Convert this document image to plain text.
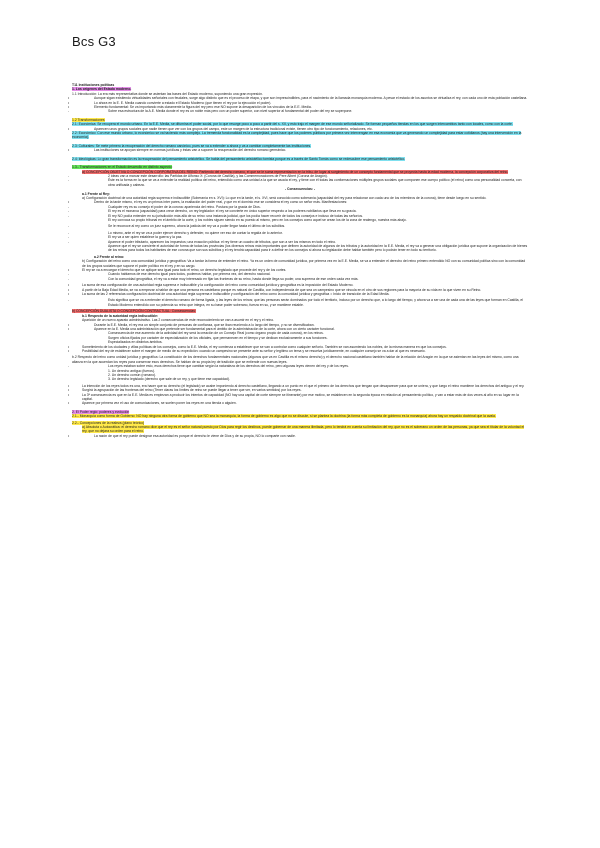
Bcs G3

T11 Instituciones políticas

1. Los orígenes del Estado moderno.

1.1 Introducción: La era más representativa donde se asientan las bases del Estado moderno, suponiendo una gran expresión.

• Aunque sigan existiendo virtualidades señoriales con feudales, surge algo distinto que es el proceso de etapa, y que son imprescindibles, para el nacimiento de la llamada monarquía moderna. A pesar el estado de los asuntos se virtualiza el rey, con cada uno de esta población castellana.

• Lo ahora en la E. E. Media cuando convierte a estado el Estado Moderno (que tienen el rey por la ejecución el poder).

• Elemento fundamental: Se va importando más claramente la figura del rey pero ese NO supone la desaparición de los vínculos de la E.E. Media.

- Sobre esa estructura de la A.E. Media donde el rey es un noble más pero con un poder superior, con nivel superior al fundamental del poder del rey se superpone.

1.2 Transformaciones

2.1: Económica: Se recupera el mundo urbano. En la E.E. Media, se difumina el poder social, por lo que resurge poco a poco a partir del s. XII, y esto trajo el margen de ese mundo señorializado. Se forman pequeños tiendas en los que surgen intercambios tanto con locales, como con la corte.

• Aparecen unos grupos sociales que nadie tienen que ver con los grupos del campo, este un margen de la estructura tradicional existe, tienen otro tipo de funcionamiento, relaciones, etc.

2.2: Económico: Con ese mundo urbano, lo económico se va haciendo más complejo. La tremenda funcionalidad es la complejidad, pues hace que los poderes públicos por primera vez intervengan en esa economía que va generando un complejidad para estar cotidianos (hay una intervención en la economía).

2.3: Culturales: Se mete primero la recuperación del derecho romano canónico, pues se va a extender a ahora y va a cambiar completamente las instituciones.

• Las instituciones se apoyan siempre en normas jurídicas y éstas van a suponer la recuperación del derecho romano germánico.

2.4: Ideológicas: Lo gran transformación es la recuperación del pensamiento aristotélico. Se habla del pensamiento aristotélico tomista porque es a través de Santo Tomás como se redescubre ese pensamiento aristotélico.

1.3.- Transformaciones en el Estado desarrollo en distinto aspecto:

a) CONCEPCIÓN OBJETIVA O CONCEPCIÓN CORPORATIVA DEL REINO: Partiendo del derecho romano, el que se le suma representación en la tribu, de lugar al surgimiento de un concepto fundamental que se proyecta hasta la edad moderna, la concepción corporativa del reino.

- 2 ideas van a marcar este desarrollo: las Partidas de Alfonso X: (Corona de Castilla), y las Commemoraciones de Pere Albert (Corona de Aragón).

- Éste es la forma en la que se va a entender la realidad política del reino, entendido como una unidad a la que se asocia el rey, y tiene con él todas las conformaciones múltiples grupos sociales que componen ese cuerpo político (el reino) como una personalidad concreta, con obra unificada y cabeza.

- Consecuencias: -

a.1 Frente al Rey:

a) Configuración doctrinal de una autoridad regia suprema e indiscutible (Soberanía en s. XVI): Lo que en la tarde, el s. XVI, será conocido como soberanía (capacidad del rey para relacionar con cada uno de los miembros de la corona), tiene desde luego en su sentido.

• Dentro de la tarde mismo, el rey es un primus inter pares, la exaltación del poder real, y que en el dominio ese se considera el rey como un señor más. Manifestaciones:

- Cualquier rey es su consejo el poder de la corona: apariencia del reino. Postura por la gracia de Dios.

- El rey es el monarca (capacidad) para crear derecho, un rey legislador: el rey se convierte en único superior respecto a los poderes nobiliarios que lleva en su gracia.

- El rey NO podía extender en su jurisdicción más allá de su reino: una instancia judicial, que los podía hacer recurrir de todos los consejos e incluso de todas las señoríos.

El rey convoca su propio tribunal en el ámbito de la corte, y los nobles siguen siendo en su puesto al mismo, pero en los consejos como aquel se crean los de la zona de realengo, nuestra más abajo.

- Se le reconoce al rey como un juez supremo, ahora la justicia del rey va a poder llegar hasta el último de los súbditos.

- Lo mismo, ante el rey se va a poder ejercer derecho y defender, no quiere ver eso de contar la regalía de lo anterior.

- El rey va a ser quien establece la guerra y la paz.

- Aparece el poder tributario, aparecen los impuestos; una exacción pública: el rey tiene un cuadro de tributos, que son a ser los mismos en todo el reino.

Aparece que el rey se convierte el autoridad de forma de todas las provincias (los diversos reinos más importantes que definen la autoridad de algunos de los tributos y la autoridad en la E.E. Media, el rey va a generar una obligación jurídica que supone la organización de bienes de los reinos para todos los habitantes de ese corona que son sus súbditos y el rey tendrá capacidad para ir a definir en los consejos si ahora su legislación debe hablar también pero lo podrán tener en todo su territorio.

a.2 Frente al reino:

b) Configuración del reino como una comunidad jurídica y geográfica: Va a tardar la forma de entender el reino. Ya es un orden de comunidad jurídica, por primera vez en la E.E. Media, se va a entender el derecho del reino primero entendido NO con su comunidad política sino con la comunidad de los grupos sociales que supone el poder político en el rey y en su cargo.

• El rey se va a encargar el derecho que se aplique sea igual para todo el reino, un derecho legislado que procede del rey y de los cortes.

- Cuando hablamos de ese derecho igual para todos, podemos hablar, por primera vez, del derecho nacional.

- Con la comunidad geográfica, el rey va a estar muy interesado en fijar las fronteras de su reino, hasta donde llega su poder, una suprema de ese orden cada vez más.

• La suma de esa configuración de una autoridad regia suprema e indiscutible y la configuración del reino como comunidad jurídica y geográfica es la imposición del Estado Moderno.

• A partir de la Baja Edad Media, se va a empezar a hablar de que una persona es castellana porque es natural de Castilla, con independencia de que sea un campesino que se vincula en el otro de sus regiones para la mayoría de su vida en la que viven en su Reino.

• La suma de las 2 referencias configuración doctrinal de una autoridad regia suprema e indiscutible y configuración del reino como la comunidad jurídica y geográfica = Inicio de transición de la Edad Media.

- Esto significa que se va a entender el derecho romano de forma ligada, y las leyes de los reinos; que las personas serán dominados por todo el territorio, incluso por un derecho que, a lo largo del tiempo, y ahora va a ser una de cada una de las leyes que forman en Castilla, el Estado Moderno entendido con su potencia su reino que integra, en su base poder soberano, fuerza en su, y se mantiene estable.

b) CONCEPCIÓN DUALISTA O CONCEPCIÓN CONTRACTUAL: Consecuencias:

b.1 Respecto de la autoridad regia indiscutible:

Aparición de un nuevo aparato administrativo. Las 2 consecuencias de este reconocimiento se van a asumir en el rey y el reino.

• Durante la E.E. Media, el rey era un simple conjunto de personas de confianza, que se iban reuniendo a lo largo del tiempo, y no se diversificaban.

• Aparece en la E. Media una administración que pretende ser fundamental para el ámbito de la administración de la corte, ahora con un cierto carácter funcional.

Consecuencia de ese aumento de la actividad del rey será la creación de un Consejo Real (como órgano propio de cada corona), en los reinos.

Surgen oficios fijados por carácter de especialización de los oficiales, que permanecen en el tiempo y se dedican exclusivamente a sus funciones.

Especializados en distintos ámbitos.

• Sometimiento de los ciudades y villas políticas de los consejos, como la E.E. Media, el rey comienza a establecer que se van a controlar como cualquier señorío. También se van asumiendo los nobles, de la misma manera en que los consejos.

• Posibilidad del rey de establecer sobre el margen de medio de su expedición: cuando un campesino se presente ante su señor y legítimo un tema y se resuelva jurídicamente, en cualquier consejo se va a dar al que es necesario.

b.2 Respecto del reino como unidad jurídica y geográfica: La constitución de los derechos fundamentales nacionales (algunos que va en Castilla es el mismo derecho) y el derecho nacional castellano también hablar de la relación del Aragón en la que se asientan en las leyes del mismo, como una alianza en la que acuerdan los reyes para conservar esos derechos. Se hablan de su propia ley de tradición que se entiende con nuevas leyes.

- Los reyes estaban sobre esto, esos derechos tiene que cambiar según la naturaleza de los derechos del reino, pero algunas leyes vienen del rey y de los reyes.

1. Un derecho antiguo (fueros).

2. Un derecho común (romano).

3. Un derecho legislado (derecho que sale de un rey, y que tiene ese capacidad).

• La intención de los reyes todos es una, era hacer que su derecho (el legislado) se acabe imponiendo al derecho castellano, llegando a un punto en el que el primero de los derechos que tengan que desaparecer para que se uniera, y que luego el reino mantiene los derechos del antiguo y el rey.

• Surgirá la agrupación de las fronteras del reino (Tener claras los límites de reino se puede llegar a tener que ver, en varios sentidos) por los reyes.

• La 3ª consecuencia es que en la E.E. Media es empiezan a producir los intentos de capacidad (NO hay una capital de corte siempre se itinerante) por ese motivo, se establecen en la segunda época en relación al pensamiento político, y van a estar más de dos veces al año en su lugar en la capital.

• Aparece por primera vez el uso de comunicaciones, se suelen poner los reyes en una tienda o alguien.

2. El Poder regio: poderes y evolución

2.1.- Monarquía como forma de Gobierno: NO hay ninguna otra forma de gobierno que NO sea la monarquía, la forma de gobierno es algo que no se discute, si se plantea la doctrina (la forma más completa de gobierno es la monarquía) ahora hay un respaldo doctrinal que la avala.

2.2.- Concepciones de la realeza (plano teórico)

a) Absoluta o Autocrática: el derecho romano dice que el rey es el señor natural puesto por Dios para regir los destinos, puede gobernar de una manera ilimitada, pero lo tendrá en cuenta su limitación del rey, que no es el soberano un orden de las personas, ya que sea el titular de la voluntad el rey, que no dejara su orden para el reino.

• La razón de que el rey puede designar esa autoridad es porque el derecho le viene de Dios y de su propia, NO lo comparte con nadie.
